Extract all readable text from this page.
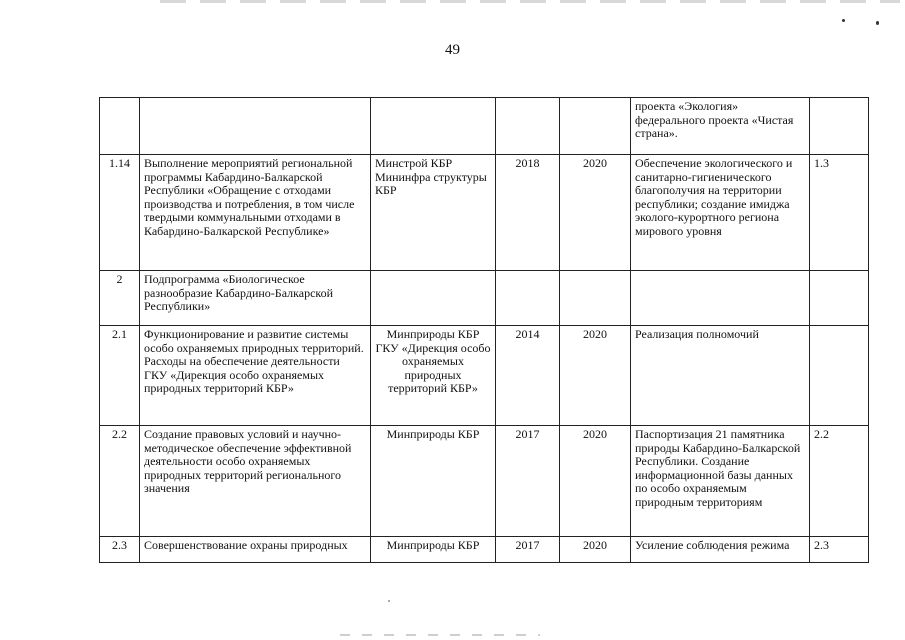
49
					проекта «Экология» федерального проекта «Чистая страна».	
1.14	Выполнение мероприятий региональной программы Кабардино-Балкарской Республики «Обращение с отходами производства и потребления, в том числе твердыми коммунальными отходами в Кабардино-Балкарской Республике»	Минстрой КБР Мининфра структуры КБР	2018	2020	Обеспечение экологического и санитарно-гигиенического благополучия на территории республики; создание имиджа эколого-курортного региона мирового уровня	1.3
2	Подпрограмма «Биологическое разнообразие Кабардино-Балкарской Республики»					
2.1	Функционирование и развитие системы особо охраняемых природных территорий. Расходы на обеспечение деятельности ГКУ «Дирекция особо охраняемых природных территорий КБР»	Минприроды КБР ГКУ «Дирекция особо охраняемых природных территорий КБР»	2014	2020	Реализация полномочий	
2.2	Создание правовых условий и научно-методическое обеспечение эффективной деятельности особо охраняемых природных территорий регионального значения	Минприроды КБР	2017	2020	Паспортизация 21 памятника природы Кабардино-Балкарской Республики. Создание информационной базы данных по особо охраняемым природным территориям	2.2
2.3	Совершенствование охраны природных	Минприроды КБР	2017	2020	Усиление соблюдения режима	2.3
